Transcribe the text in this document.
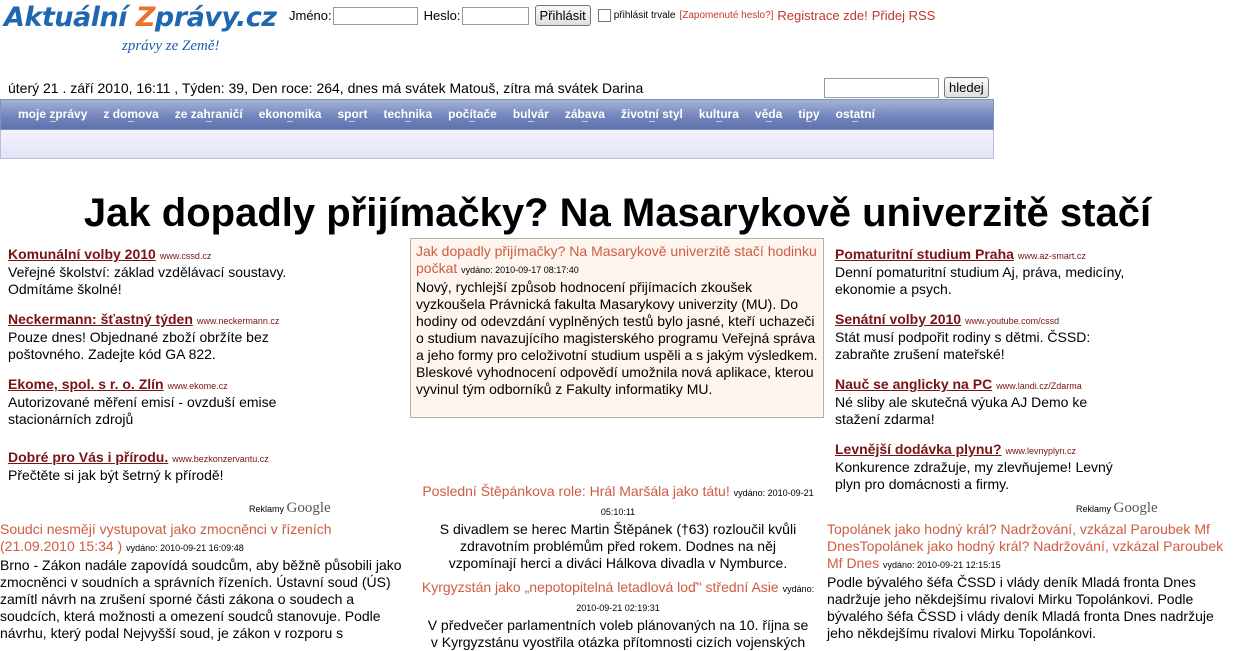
Aktuální Zprávy.cz
zprávy ze Země!
Jméno:	Heslo:	Přihlásit	přihlásit trvale [Zapomenuté heslo?] Registrace zde! Přidej RSS
úterý 21 . září 2010, 16:11 , Týden: 39, Den roce: 264, dnes má svátek Matouš, zítra má svátek Darina	hledej
moje zprávy	z domova	ze zahraničí	ekonomika	sport	technika	počítače	bulvár	zábava	životní styl	kultura	věda	tipy	ostatní
Jak dopadly přijímačky? Na Masarykově univerzitě stačí
Komunální volby 2010 www.cssd.cz
Veřejné školství: základ vzdělávací soustavy. Odmítáme školné!
Neckermann: šťastný týden www.neckermann.cz
Pouze dnes! Objednané zboží obržíte bez poštovného. Zadejte kód GA 822.
Ekome, spol. s r. o. Zlín www.ekome.cz
Autorizované měření emisí - ovzduší emise stacionárních zdrojů
Dobré pro Vás i přírodu. www.bezkonzervantu.cz
Přečtěte si jak být šetrný k přírodě!
Pomaturitní studium Praha www.az-smart.cz
Denní pomaturitní studium Aj, práva, medicíny, ekonomie a psych.
Senátní volby 2010 www.youtube.com/cssd
Stát musí podpořit rodiny s dětmi. ČSSD: zabraňte zrušení mateřské!
Nauč se anglicky na PC www.landi.cz/Zdarma
Né sliby ale skutečná výuka AJ Demo ke stažení zdarma!
Levnější dodávka plynu? www.levnyplyn.cz
Konkurence zdražuje, my zlevňujeme! Levný plyn pro domácnosti a firmy.
Jak dopadly přijímačky? Na Masarykově univerzitě stačí hodinku počkat vydáno: 2010-09-17 08:17:40
Nový, rychlejší způsob hodnocení přijímacích zkoušek vyzkoušela Právnická fakulta Masarykovy univerzity (MU). Do hodiny od odevzdání vyplněných testů bylo jasné, kteří uchazeči o studium navazujícího magisterského programu Veřejná správa a jeho formy pro celoživotní studium uspěli a s jakým výsledkem. Bleskové vyhodnocení odpovědí umožnila nová aplikace, kterou vyvinul tým odborníků z Fakulty informatiky MU.
Reklamy Google	Reklamy Google
Soudci nesmějí vystupovat jako zmocněnci v řízeních (21.09.2010 15:34 ) vydáno: 2010-09-21 16:09:48
Brno - Zákon nadále zapovídá soudcům, aby běžně působili jako zmocněnci v soudních a správních řízeních. Ústavní soud (ÚS) zamítl návrh na zrušení sporné části zákona o soudech a soudcích, která možnosti a omezení soudců stanovuje. Podle návrhu, který podal Nejvyšší soud, je zákon v rozporu s
Poslední Štěpánkova role: Hrál Maršála jako tátu! vydáno: 2010-09-21 05:10:11
S divadlem se herec Martin Štěpánek (†63) rozloučil kvůli zdravotním problémům před rokem. Dodnes na něj vzpomínají herci a diváci Hálkova divadla v Nymburce.
Kyrgyzstán jako „nepotopitelná letadlová loď" střední Asie vydáno: 2010-09-21 02:19:31
V předvečer parlamentních voleb plánovaných na 10. října se v Kyrgyzstánu vyostřila otázka přítomnosti cizích vojenských
Topolánek jako hodný král? Nadržování, vzkázal Paroubek Mf DnesTopolánek jako hodný král? Nadržování, vzkázal Paroubek Mf Dnes vydáno: 2010-09-21 12:15:15
Podle bývalého šéfa ČSSD i vlády deník Mladá fronta Dnes nadržuje jeho někdejšímu rivalovi Mirku Topolánkovi. Podle bývalého šéfa ČSSD i vlády deník Mladá fronta Dnes nadržuje jeho někdejšímu rivalovi Mirku Topolánkovi.
